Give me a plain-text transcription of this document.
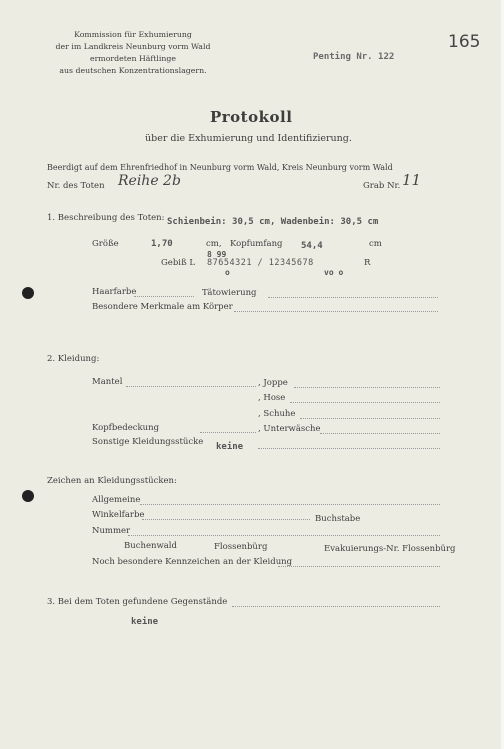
Kommission für Exhumierung
der im Landkreis Neunburg vorm Wald
ermordeten Häftlinge
aus deutschen Konzentrationslagern.
Penting Nr. 122
165
Protokoll
über die Exhumierung und Identifizierung.
Beerdigt auf dem Ehrenfriedhof in Neunburg vorm Wald, Kreis Neunburg vorm Wald
Nr. des Toten Reihe 2b	Grab Nr. 11
1. Beschreibung des Toten: Schienbein: 30,5 cm, Wadenbein: 30,5 cm
Größe	1,70	cm, Kopfumfang 54,4	cm
8 99
Gebiß L 87654321 / 12345678	R
o	vo o
Haarfarbe	Tätowierung
Besondere Merkmale am Körper
2. Kleidung:
Mantel	, Joppe
, Hose
, Schuhe
Kopfbedeckung	, Unterwäsche
Sonstige Kleidungsstücke keine
Zeichen an Kleidungsstücken:
Allgemeine
Winkelfarbe	Buchstabe
Nummer
Buchenwald	Flossenbürg	Evakuierungs-Nr. Flossenbürg
Noch besondere Kennzeichen an der Kleidung
3. Bei dem Toten gefundene Gegenstände
keine
